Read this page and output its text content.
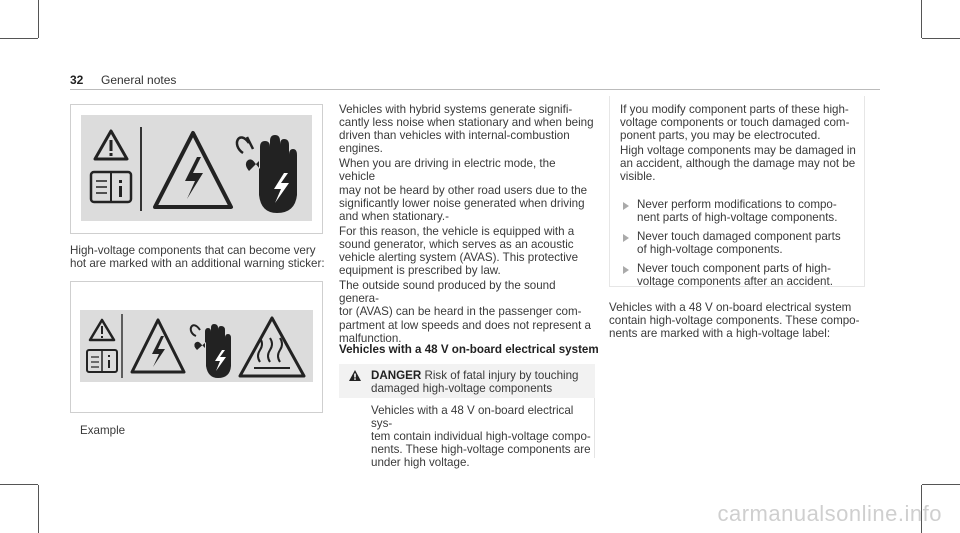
32 General notes
High-voltage components that can become very
hot are marked with an additional warning sticker:
Example
Vehicles with hybrid systems generate signifi-
cantly less noise when stationary and when being
driven than vehicles with internal-combustion
engines.
When you are driving in electric mode, the vehicle
may not be heard by other road users due to the
significantly lower noise generated when driving
and when stationary.-
For this reason, the vehicle is equipped with a
sound generator, which serves as an acoustic
vehicle alerting system (AVAS). This protective
equipment is prescribed by law.
The outside sound produced by the sound genera-
tor (AVAS) can be heard in the passenger com-
partment at low speeds and does not represent a
malfunction.
Vehicles with a 48 V on-board electrical system
DANGER Risk of fatal injury by touching
damaged high-voltage components
Vehicles with a 48 V on-board electrical sys-
tem contain individual high-voltage compo-
nents. These high-voltage components are
under high voltage.
If you modify component parts of these high-
voltage components or touch damaged com-
ponent parts, you may be electrocuted.
High voltage components may be damaged in
an accident, although the damage may not be
visible.
Never perform modifications to compo-
nent parts of high-voltage components.
Never touch damaged component parts
of high-voltage components.
Never touch component parts of high-
voltage components after an accident.
Vehicles with a 48 V on-board electrical system
contain high-voltage components. These compo-
nents are marked with a high-voltage label:
carmanualsonline.info
